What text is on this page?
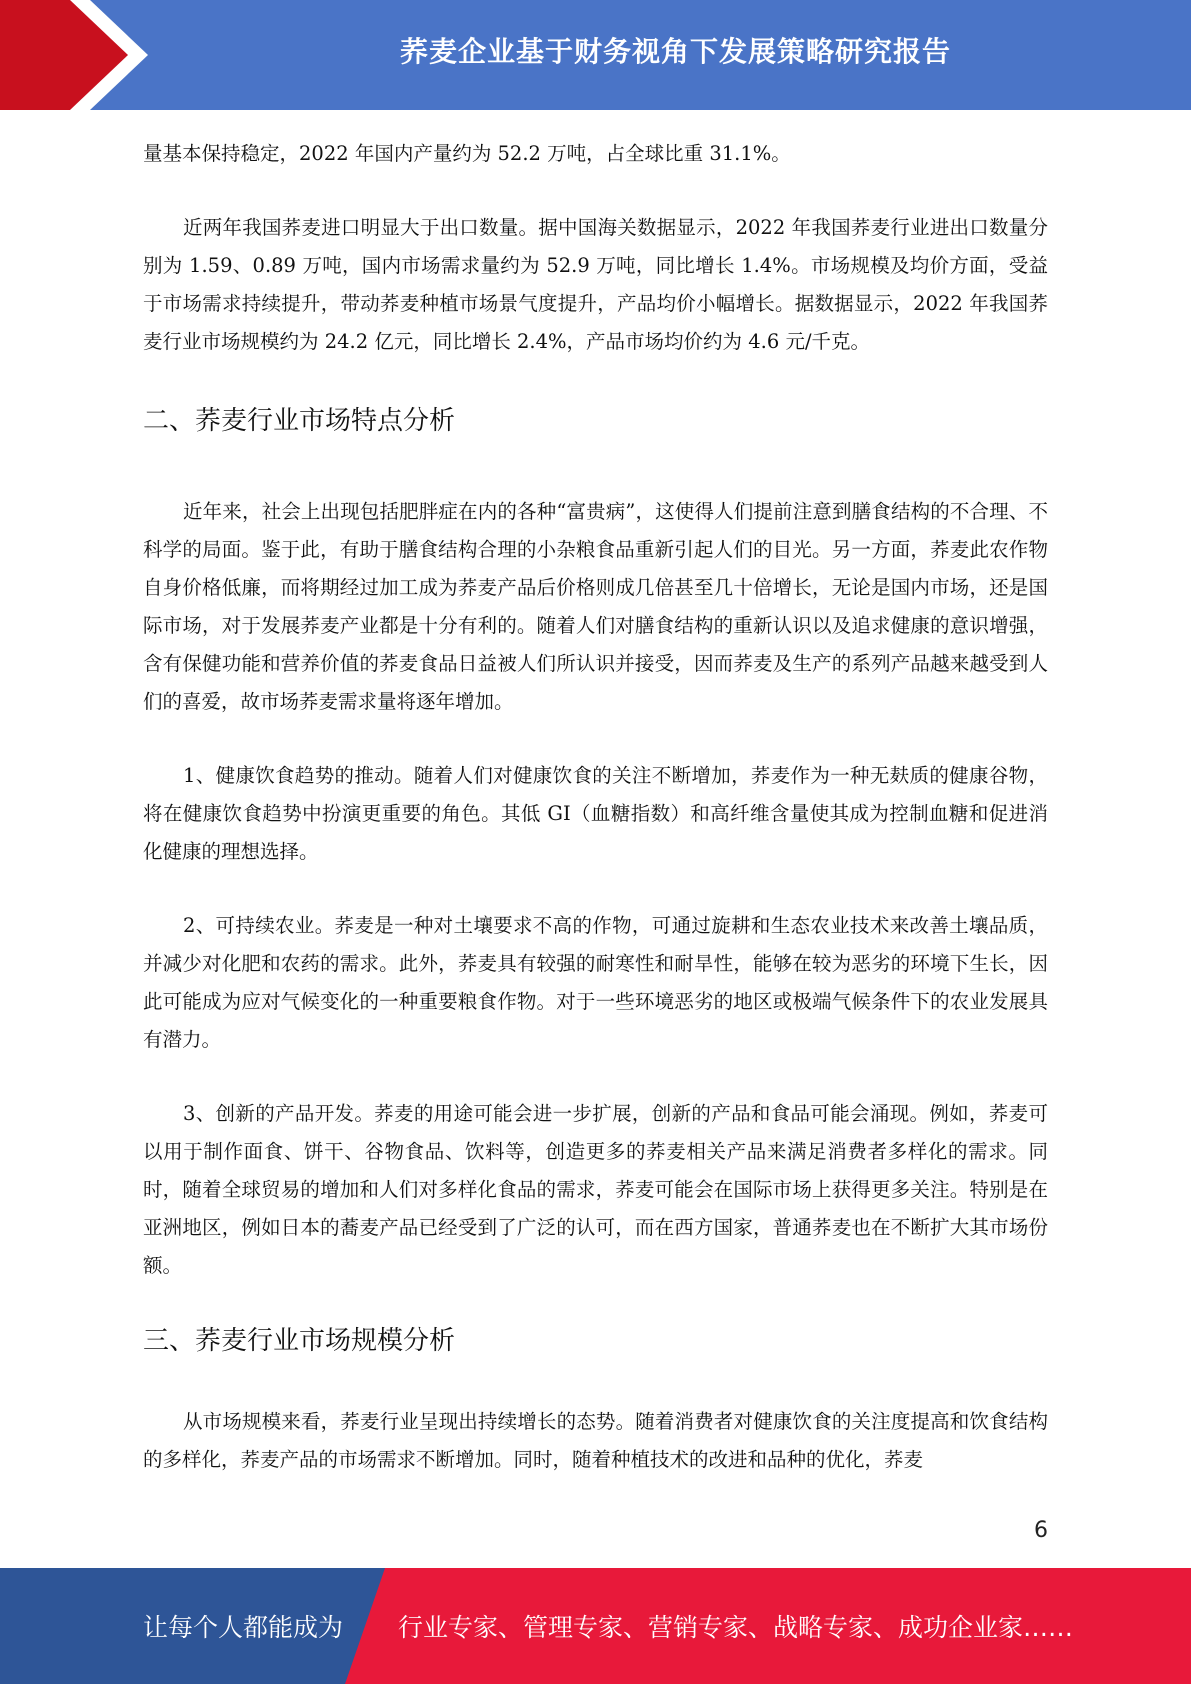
荞麦企业基于财务视角下发展策略研究报告

量基本保持稳定，2022 年国内产量约为 52.2 万吨，占全球比重 31.1%。

近两年我国荞麦进口明显大于出口数量。据中国海关数据显示，2022 年我国荞麦行业进出口数量分别为 1.59、0.89 万吨，国内市场需求量约为 52.9 万吨，同比增长 1.4%。市场规模及均价方面，受益于市场需求持续提升，带动荞麦种植市场景气度提升，产品均价小幅增长。据数据显示，2022 年我国荞麦行业市场规模约为 24.2 亿元，同比增长 2.4%，产品市场均价约为 4.6 元/千克。

二、荞麦行业市场特点分析

近年来，社会上出现包括肥胖症在内的各种“富贵病”，这使得人们提前注意到膳食结构的不合理、不科学的局面。鉴于此，有助于膳食结构合理的小杂粮食品重新引起人们的目光。另一方面，荞麦此农作物自身价格低廉，而将期经过加工成为荞麦产品后价格则成几倍甚至几十倍增长，无论是国内市场，还是国际市场，对于发展荞麦产业都是十分有利的。随着人们对膳食结构的重新认识以及追求健康的意识增强，含有保健功能和营养价值的荞麦食品日益被人们所认识并接受，因而荞麦及生产的系列产品越来越受到人们的喜爱，故市场荞麦需求量将逐年增加。

1、健康饮食趋势的推动。随着人们对健康饮食的关注不断增加，荞麦作为一种无麸质的健康谷物，将在健康饮食趋势中扮演更重要的角色。其低 GI（血糖指数）和高纤维含量使其成为控制血糖和促进消化健康的理想选择。

2、可持续农业。荞麦是一种对土壤要求不高的作物，可通过旋耕和生态农业技术来改善土壤品质，并减少对化肥和农药的需求。此外，荞麦具有较强的耐寒性和耐旱性，能够在较为恶劣的环境下生长，因此可能成为应对气候变化的一种重要粮食作物。对于一些环境恶劣的地区或极端气候条件下的农业发展具有潜力。

3、创新的产品开发。荞麦的用途可能会进一步扩展，创新的产品和食品可能会涌现。例如，荞麦可以用于制作面食、饼干、谷物食品、饮料等，创造更多的荞麦相关产品来满足消费者多样化的需求。同时，随着全球贸易的增加和人们对多样化食品的需求，荞麦可能会在国际市场上获得更多关注。特别是在亚洲地区，例如日本的蕎麦产品已经受到了广泛的认可，而在西方国家，普通荞麦也在不断扩大其市场份额。

三、荞麦行业市场规模分析

从市场规模来看，荞麦行业呈现出持续增长的态势。随着消费者对健康饮食的关注度提高和饮食结构的多样化，荞麦产品的市场需求不断增加。同时，随着种植技术的改进和品种的优化，荞麦

6
让每个人都能成为 行业专家、管理专家、营销专家、战略专家、成功企业家……
